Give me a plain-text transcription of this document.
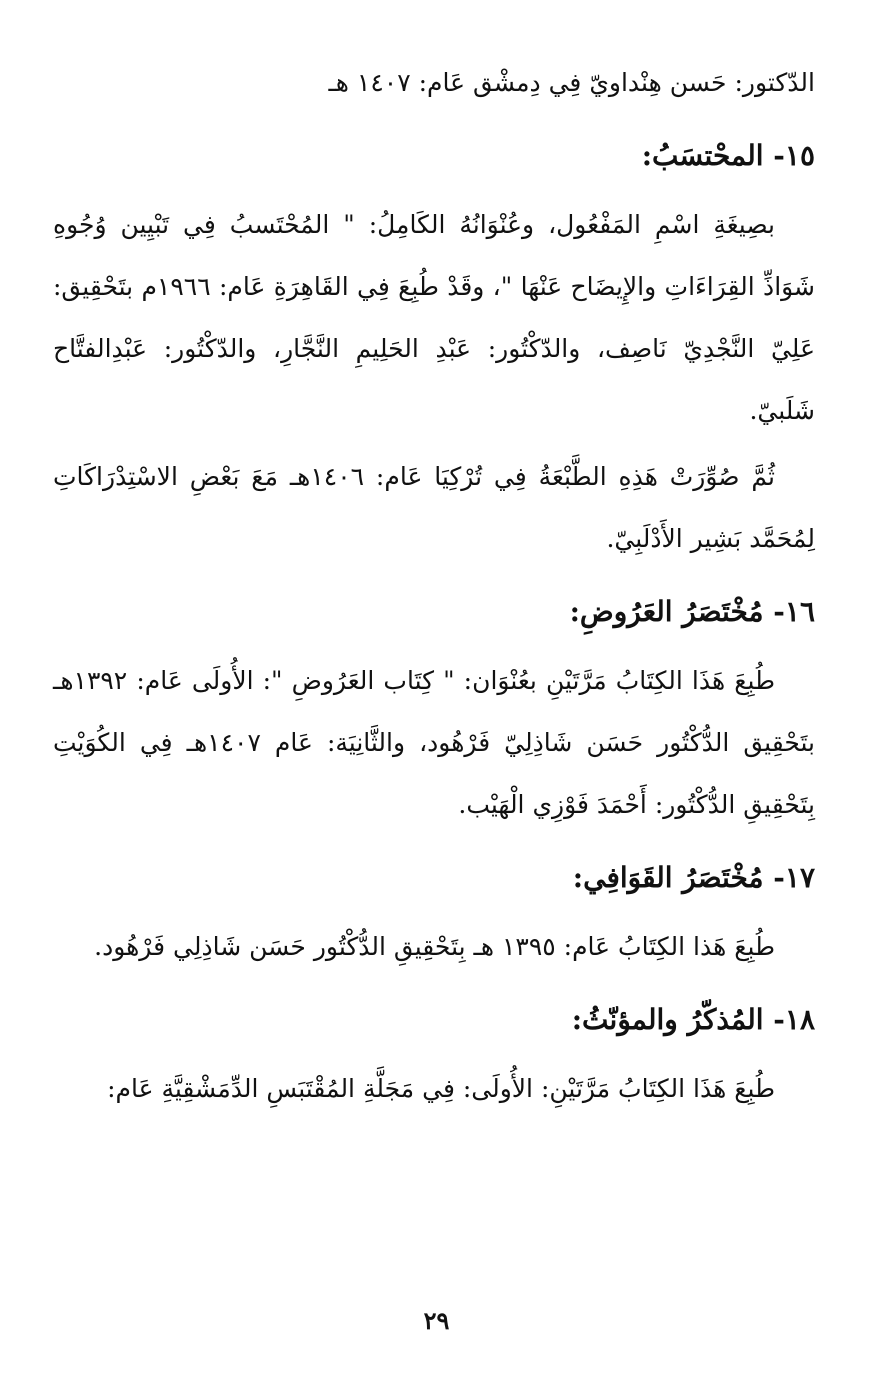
الدّكتور: حَسن هِنْداويّ فِي دِمشْق عَام: ١٤٠٧ هـ

١٥- المحْتسَبُ:

بصِيغَةِ اسْمِ المَفْعُول، وعُنْوَانُهُ الكَامِلُ: " المُحْتَسبُ فِي تَبْيِين وُجُوهِ شَوَاذِّ القِرَاءَاتِ والإِيضَاح عَنْهَا "، وقَدْ طُبِعَ فِي القَاهِرَةِ عَام: ١٩٦٦م بتَحْقِيق: عَلِيّ النَّجْدِيّ نَاصِف، والدّكْتُور: عَبْدِ الحَلِيمِ النَّجَّارِ، والدّكْتُور: عَبْدِالفتَّاح شَلَبيّ.

ثُمَّ صُوِّرَتْ هَذِهِ الطَّبْعَةُ فِي تُرْكِيَا عَام: ١٤٠٦هـ مَعَ بَعْضِ الاسْتِدْرَاكَاتِ لِمُحَمَّد بَشِير الأَدْلَبِيّ.

١٦- مُخْتَصَرُ العَرُوضِ:

طُبِعَ هَذَا الكِتَابُ مَرَّتَيْنِ بعُنْوَان: " كِتَاب العَرُوضِ ": الأُولَى عَام: ١٣٩٢هـ بتَحْقِيق الدُّكْتُور حَسَن شَاذِلِيّ فَرْهُود، والثَّانِيَة: عَام ١٤٠٧هـ فِي الكُوَيْتِ بِتَحْقِيقِ الدُّكْتُور: أَحْمَدَ فَوْزِي الْهَيْب.

١٧- مُخْتَصَرُ القَوَافِي:

طُبِعَ هَذا الكِتَابُ عَام: ١٣٩٥ هـ بِتَحْقِيقِ الدُّكْتُور حَسَن شَاذِلِي فَرْهُود.

١٨- المُذكّرُ والمؤنّثُ:

طُبِعَ هَذَا الكِتَابُ مَرَّتَيْنِ: الأُولَى: فِي مَجَلَّةِ المُقْتَبَسِ الدِّمَشْقِيَّةِ عَام:

٢٩
